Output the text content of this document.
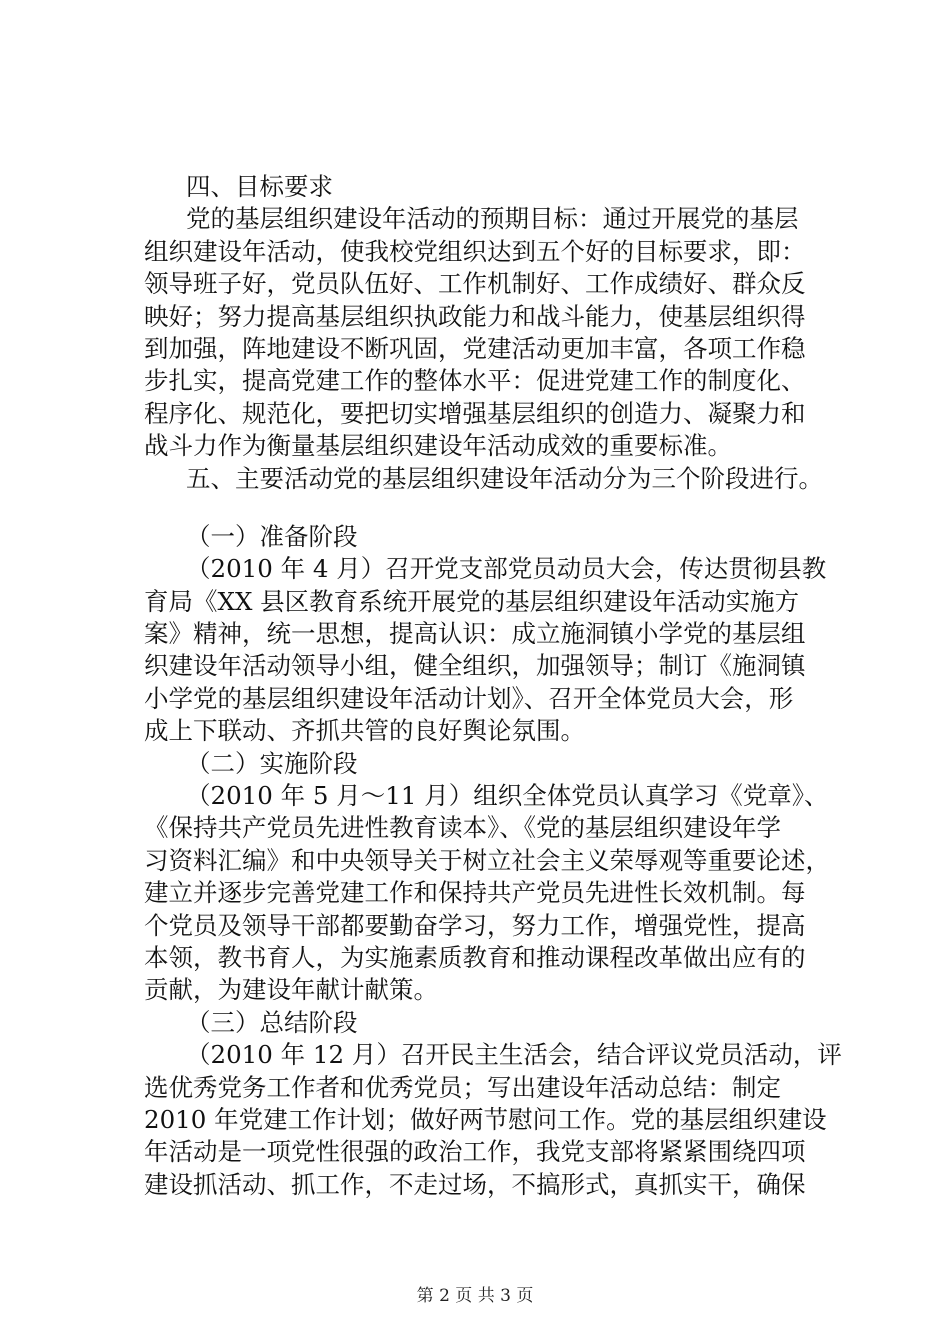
四、目标要求
党的基层组织建设年活动的预期目标：通过开展党的基层
组织建设年活动，使我校党组织达到五个好的目标要求，即：
领导班子好，党员队伍好、工作机制好、工作成绩好、群众反
映好；努力提高基层组织执政能力和战斗能力，使基层组织得
到加强，阵地建设不断巩固，党建活动更加丰富，各项工作稳
步扎实，提高党建工作的整体水平：促进党建工作的制度化、
程序化、规范化，要把切实增强基层组织的创造力、凝聚力和
战斗力作为衡量基层组织建设年活动成效的重要标准。
五、主要活动党的基层组织建设年活动分为三个阶段进行。
（一）准备阶段
（2010 年 4 月）召开党支部党员动员大会，传达贯彻县教
育局《XX 县区教育系统开展党的基层组织建设年活动实施方
案》精神，统一思想，提高认识：成立施洞镇小学党的基层组
织建设年活动领导小组，健全组织，加强领导；制订《施洞镇
小学党的基层组织建设年活动计划》、召开全体党员大会，形
成上下联动、齐抓共管的良好舆论氛围。
（二）实施阶段
（2010 年 5 月～11 月）组织全体党员认真学习《党章》、
《保持共产党员先进性教育读本》、《党的基层组织建设年学
习资料汇编》和中央领导关于树立社会主义荣辱观等重要论述，
建立并逐步完善党建工作和保持共产党员先进性长效机制。每
个党员及领导干部都要勤奋学习，努力工作，增强党性，提高
本领，教书育人，为实施素质教育和推动课程改革做出应有的
贡献，为建设年献计献策。
（三）总结阶段
（2010 年 12 月）召开民主生活会，结合评议党员活动，评
选优秀党务工作者和优秀党员；写出建设年活动总结：制定
2010 年党建工作计划；做好两节慰问工作。党的基层组织建设
年活动是一项党性很强的政治工作，我党支部将紧紧围绕四项
建设抓活动、抓工作，不走过场，不搞形式，真抓实干，确保
第 2 页 共 3 页
